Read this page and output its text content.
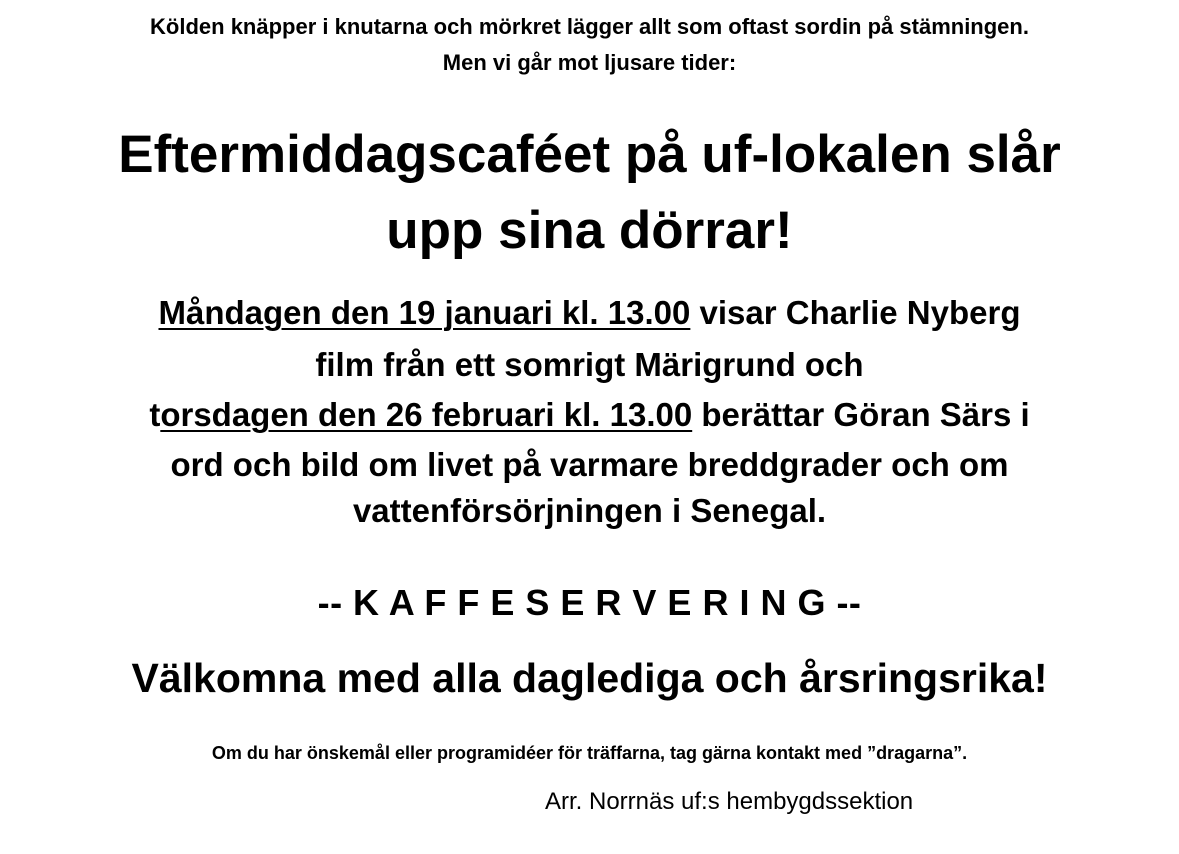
Kölden knäpper i knutarna och mörkret lägger allt som oftast sordin på stämningen.
Men vi går mot ljusare tider:
Eftermiddagscaféet på uf-lokalen slår
upp sina dörrar!
Måndagen den 19 januari kl. 13.00 visar Charlie Nyberg
film från ett somrigt Märigrund och
torsdagen den 26 februari kl. 13.00 berättar Göran Särs i
ord och bild om livet på varmare breddgrader och om
vattenförsörjningen i Senegal.
-- K A F F E S E R V E R I N G --
Välkomna med alla daglediga och årsringsrika!
Om du har önskemål eller programidéer för träffarna, tag gärna kontakt med ”dragarna”.
Arr. Norrnäs uf:s hembygdssektion
